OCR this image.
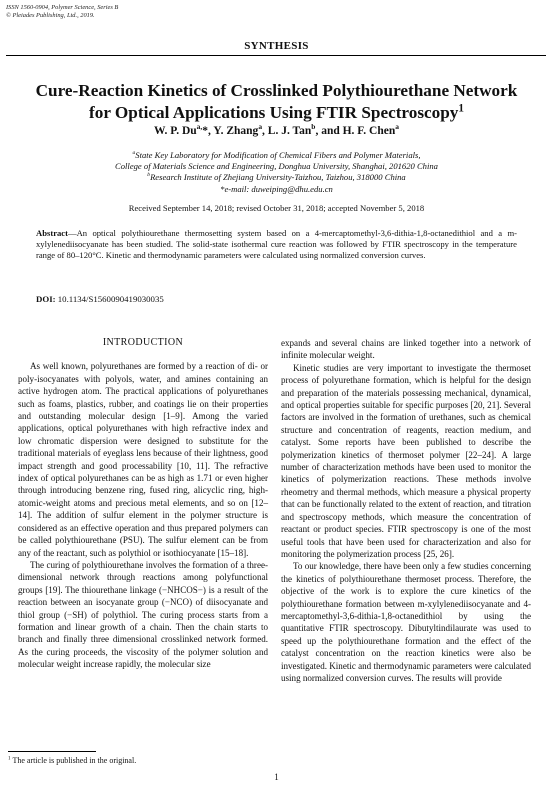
ISSN 1560-0904, Polymer Science, Series B
© Pleiades Publishing, Ltd., 2019.
SYNTHESIS
Cure-Reaction Kinetics of Crosslinked Polythiourethane Network
for Optical Applications Using FTIR Spectroscopy$^1$
W. P. $Du^{a,}*$, Y. Zhang$^a$, L. J. Tan$^b$, and H. F. Chen$^a$
$^a$State Key Laboratory for Modification of Chemical Fibers and Polymer Materials,
College of Materials Science and Engineering, Donghua University, Shanghai, 201620 China
$^b$Research Institute of Zhejiang University-Taizhou, Taizhou, 318000 China
*e-mail: duweiping@dhu.edu.cn
Received September 14, 2018; revised October 31, 2018; accepted November 5, 2018
Abstract—An optical polythiourethane thermosetting system based on a 4-mercaptomethyl-3,6-dithia-1,8-octanedithiol and a m-xylylenediisocyanate has been studied. The solid-state isothermal cure reaction was followed by FTIR spectroscopy in the temperature range of 80–120°C. Kinetic and thermodynamic parameters were calculated using normalized conversion curves.
DOI: 10.1134/S1560090419030035
INTRODUCTION

As well known, polyurethanes are formed by a reaction of di- or poly-isocyanates with polyols, water, and amines containing an active hydrogen atom. The practical applications of polyurethanes such as foams, plastics, rubber, and coatings lie on their properties and outstanding molecular design [1–9]. Among the varied applications, optical polyurethanes with high refractive index and low chromatic dispersion were designed to substitute for the traditional materials of eyeglass lens because of their lightness, good impact strength and good processability [10, 11]. The refractive index of optical polyurethanes can be as high as 1.71 or even higher through introducing benzene ring, fused ring, alicyclic ring, high-atomic-weight atoms and precious metal elements, and so on [12–14]. The addition of sulfur element in the polymer structure is considered as an effective operation and thus prepared polymers can be called polythiourethane (PSU). The sulfur element can be from any of the reactant, such as polythiol or isothiocyanate [15–18].

The curing of polythiourethane involves the formation of a three-dimensional network through reactions among polyfunctional groups [19]. The thiourethane linkage (−NHCOS−) is a result of the reaction between an isocyanate group (−NCO) of diisocyanate and thiol group (−SH) of polythiol. The curing process starts from a formation and linear growth of a chain. Then the chain starts to branch and finally three dimensional crosslinked network formed. As the curing proceeds, the viscosity of the polymer solution and molecular weight increase rapidly, the molecular size

expands and several chains are linked together into a network of infinite molecular weight.

Kinetic studies are very important to investigate the thermoset process of polyurethane formation, which is helpful for the design and preparation of the materials possessing mechanical, dynamical, and optical properties suitable for specific purposes [20, 21]. Several factors are involved in the formation of urethanes, such as chemical structure and concentration of reagents, reaction medium, and catalyst. Some reports have been published to describe the polymerization kinetics of thermoset polymer [22–24]. A large number of characterization methods have been used to monitor the kinetics of polymerization reactions. These methods involve rheometry and thermal methods, which measure a physical property that can be functionally related to the extent of reaction, and titration and spectroscopy methods, which measure the concentration of reactant or product species. FTIR spectroscopy is one of the most useful tools that have been used for characterization and also for monitoring the polymerization process [25, 26].

To our knowledge, there have been only a few studies concerning the kinetics of polythiourethane thermoset process. Therefore, the objective of the work is to explore the cure kinetics of the polythiourethane formation between m-xylylenediisocyanate and 4-mercaptomethyl-3,6-dithia-1,8-octanedithiol by using the quantitative FTIR spectroscopy. Dibutyltindilaurate was used to speed up the polythiourethane formation and the effect of the catalyst concentration on the reaction kinetics were also be investigated. Kinetic and thermodynamic parameters were calculated using normalized conversion curves. The results will provide

$^1$ The article is published in the original.
1
